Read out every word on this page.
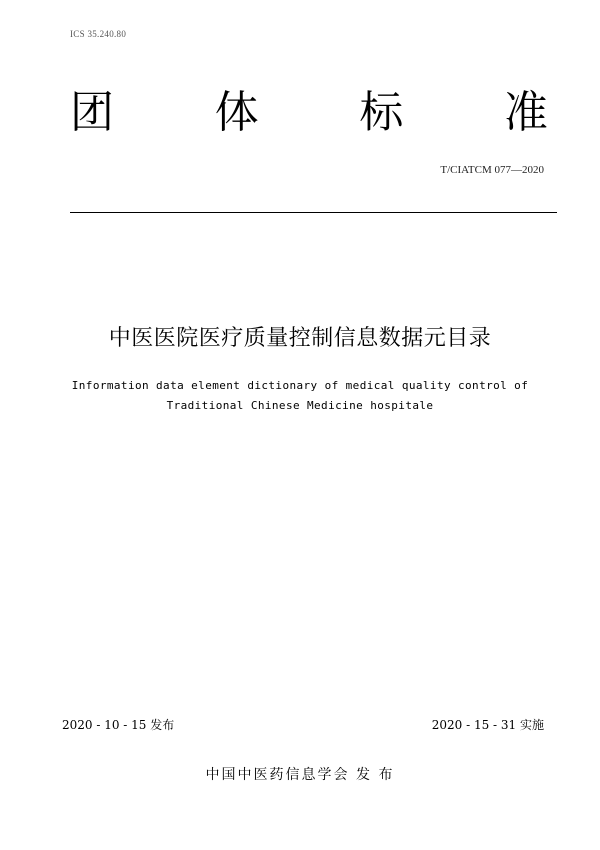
ICS 35.240.80
团 体 标 准
T/CIATCM 077—2020
中医医院医疗质量控制信息数据元目录
Information data element dictionary of medical quality control of
Traditional Chinese Medicine hospitale
2020 - 10 - 15 发布	2020 - 15 - 31 实施
中国中医药信息学会 发 布
